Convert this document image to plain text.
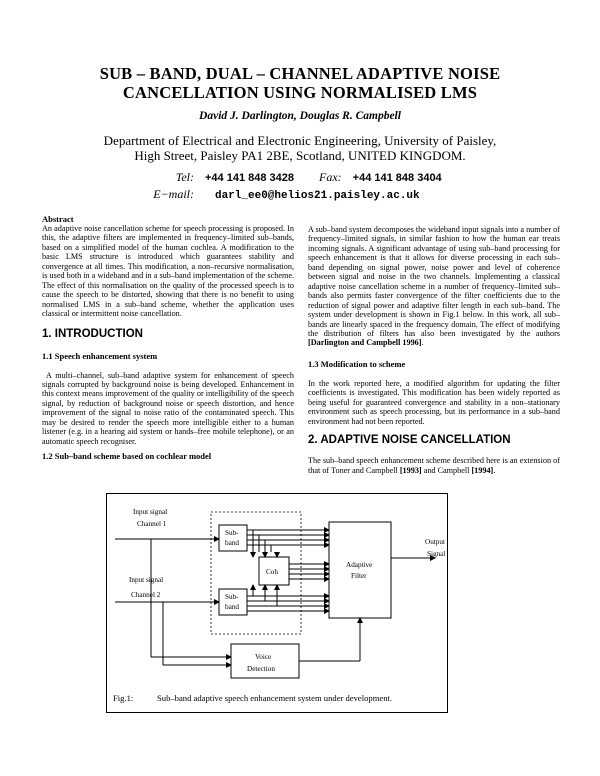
SUB – BAND, DUAL – CHANNEL ADAPTIVE NOISE
CANCELLATION USING NORMALISED LMS
David J. Darlington, Douglas R. Campbell
Department of Electrical and Electronic Engineering, University of Paisley,
High Street, Paisley PA1 2BE, Scotland, UNITED KINGDOM.
Tel: +44 141 848 3428 Fax: +44 141 848 3404
E−mail: darl_ee0@helios21.paisley.ac.uk
Abstract

An adaptive noise cancellation scheme for speech processing is proposed. In this, the adaptive filters are implemented in frequency–limited sub–bands, based on a simplified model of the human cochlea. A modification to the basic LMS structure is introduced which guarantees stability and convergence at all times. This modification, a non–recursive normalisation, is used both in a wideband and in a sub–band implementation of the scheme. The effect of this normalisation on the quality of the processed speech is to cause the speech to be distorted, showing that there is no benefit to using normalised LMS in a sub–band scheme, whether the application uses classical or intermittent noise cancellation.

1. INTRODUCTION
1.1 Speech enhancement system

A multi–channel, sub–band adaptive system for enhancement of speech signals corrupted by background noise is being developed. Enhancement in this context means improvement of the quality or intelligibility of the speech signal, by reduction of background noise or speech distortion, and hence improvement of the signal to noise ratio of the contaminated speech. This may be desired to render the speech more intelligible either to a human listener (e.g. in a hearing aid system or hands–free mobile telephone), or an automatic speech recogniser.

1.2 Sub–band scheme based on cochlear model

A sub–band system decomposes the wideband input signals into a number of frequency–limited signals, in similar fashion to how the human ear treats incoming signals. A significant advantage of using sub–band processing for speech enhancement is that it allows for diverse processing in each sub–band depending on signal power, noise power and level of coherence between signal and noise in the two channels. Implementing a classical adaptive noise cancellation scheme in a number of frequency–limited sub–bands also permits faster convergence of the filter coefficients due to the reduction of signal power and adaptive filter length in each sub–band. The system under development is shown in Fig.1 below. In this work, all sub–bands are linearly spaced in the frequency domain. The effect of modifying the distribution of filters has also been investigated by the authors [Darlington and Campbell 1996].

1.3 Modification to scheme

In the work reported here, a modified algorithm for updating the filter coefficients is investigated. This modification has been widely reported as being useful for guaranteed convergence and stability in a non–stationary environment such as speech processing, but its performance in a sub–band environment had not been reported.

2. ADAPTIVE NOISE CANCELLATION

The sub–band speech enhancement scheme described here is an extension of that of Toner and Campbell [1993] and Campbell [1994].

Input signal
Channel 1
Sub-
band
Input signal
Channel 2	Sub-
band
Coh
Adaptive
Filter
Output
Signal
Voice
Detection
Fig.1:	Sub–band adaptive speech enhancement system under development.
